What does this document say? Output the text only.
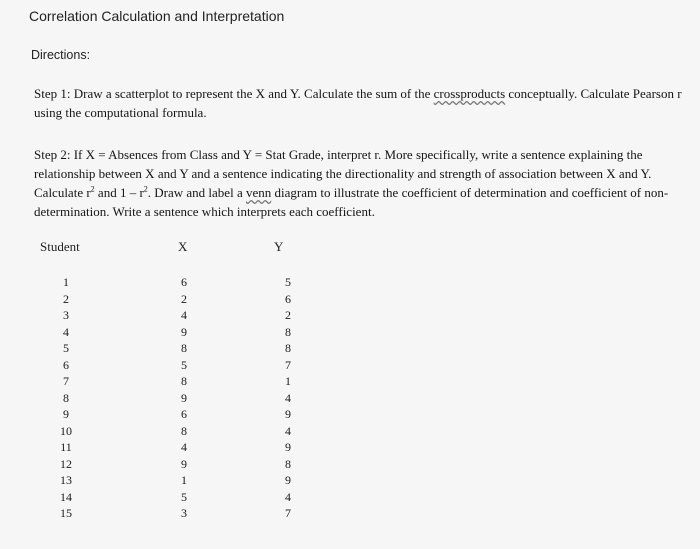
Correlation Calculation and Interpretation
Directions:

Step 1: Draw a scatterplot to represent the X and Y. Calculate the sum of the crossproducts conceptually. Calculate Pearson r using the computational formula.

Step 2: If X = Absences from Class and Y = Stat Grade, interpret r. More specifically, write a sentence explaining the relationship between X and Y and a sentence indicating the directionality and strength of association between X and Y. Calculate $r^2$ and $1 - r^2$. Draw and label a venn diagram to illustrate the coefficient of determination and coefficient of non-determination. Write a sentence which interprets each coefficient.

Student	X	Y
1
2
3
4
5
6
7
8
9
10
11
12
13
14
15
6
2
4
9
8
5
8
9
6
8
4
9
1
5
3
5
6
2
8
8
7
1
4
9
4
9
8
9
4
7
